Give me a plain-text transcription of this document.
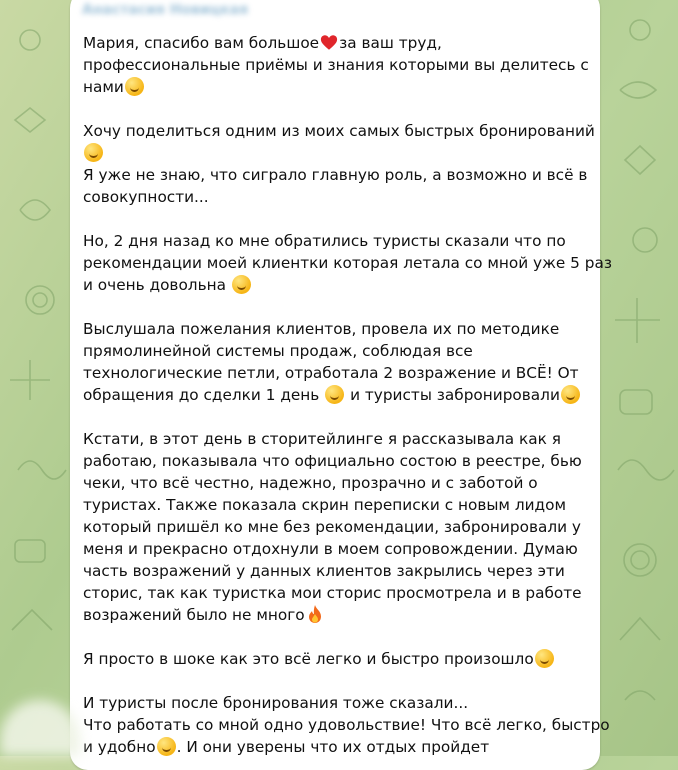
Анастасия Новицкая
Мария, спасибо вам большое за ваш труд,
профессиональные приёмы и знания которыми вы делитесь с
нами
Хочу поделиться одним из моих самых быстрых бронирований
Я уже не знаю, что сиграло главную роль, а возможно и всё в
совокупности...
Но, 2 дня назад ко мне обратились туристы сказали что по
рекомендации моей клиентки которая летала со мной уже 5 раз
и очень довольна
Выслушала пожелания клиентов, провела их по методике
прямолинейной системы продаж, соблюдая все
технологические петли, отработала 2 возражение и ВСЁ! От
обращения до сделки 1 день и туристы забронировали
Кстати, в этот день в сторитейлинге я рассказывала как я
работаю, показывала что официально состою в реестре, бью
чеки, что всё честно, надежно, прозрачно и с заботой о
туристах. Также показала скрин переписки с новым лидом
который пришёл ко мне без рекомендации, забронировали у
меня и прекрасно отдохнули в моем сопровождении. Думаю
часть возражений у данных клиентов закрылись через эти
сторис, так как туристка мои сторис просмотрела и в работе
возражений было не много
Я просто в шоке как это всё легко и быстро произошло
И туристы после бронирования тоже сказали...
Что работать со мной одно удовольствие! Что всё легко, быстро
и удобно . И они уверены что их отдых пройдет
